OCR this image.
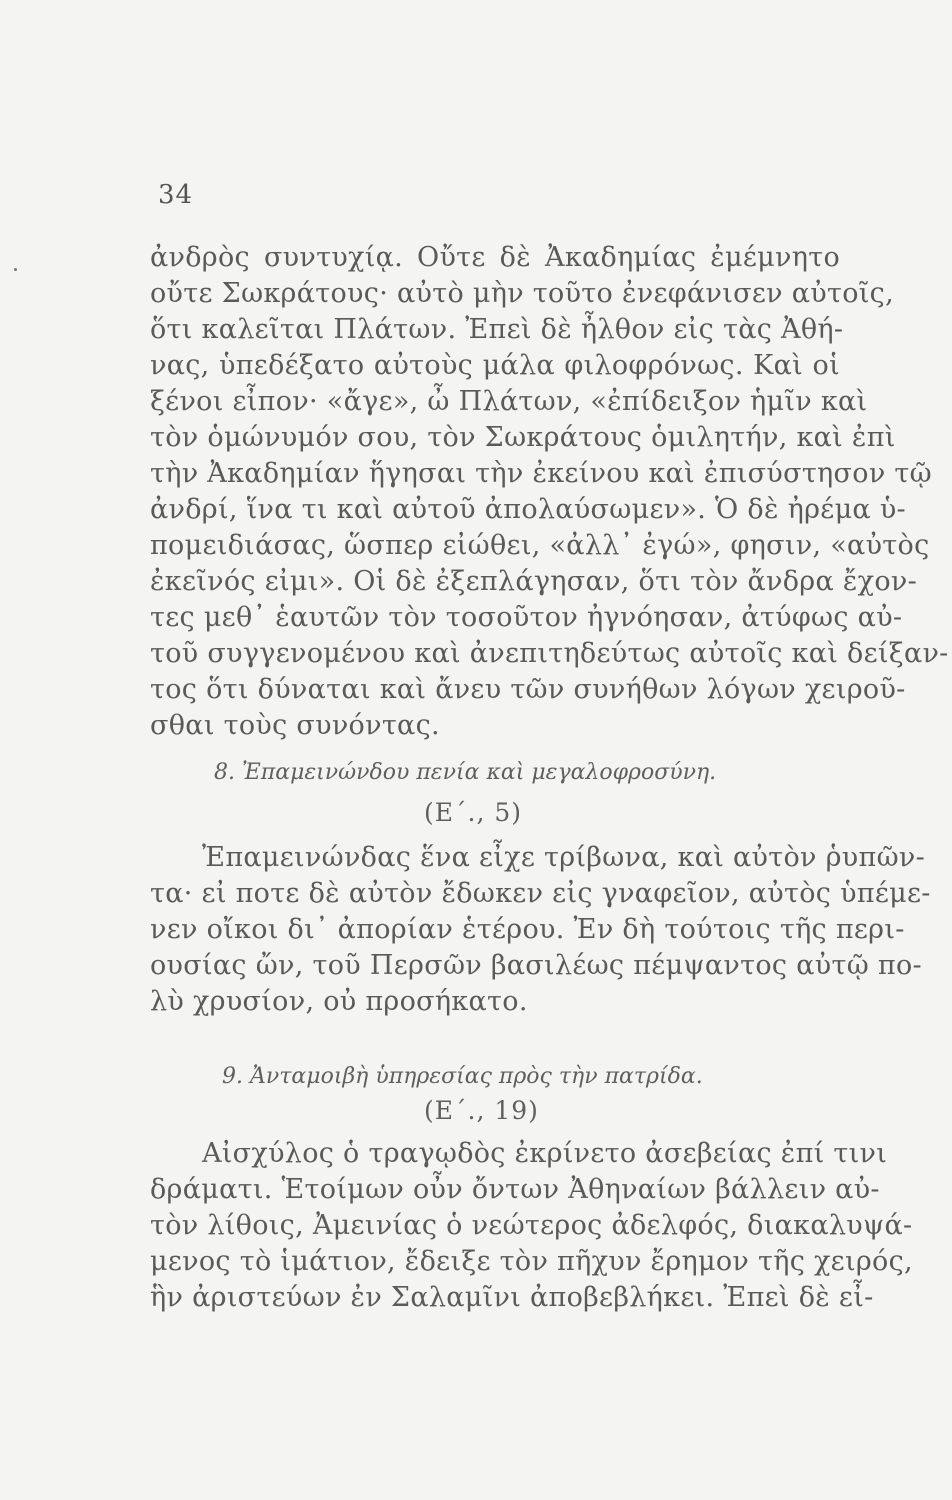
34
ἀνδρὸς συντυχίᾳ. Οὔτε δὲ Ἀκαδημίας ἐμέμνητο
οὔτε Σωκράτους· αὐτὸ μὴν τοῦτο ἐνεφάνισεν αὐτοῖς,
ὅτι καλεῖται Πλάτων. Ἐπεὶ δὲ ἦλθον εἰς τὰς Ἀθή-
νας, ὑπεδέξατο αὐτοὺς μάλα φιλοφρόνως. Καὶ οἱ
ξένοι εἶπον· «ἄγε», ὦ Πλάτων, «ἐπίδειξον ἡμῖν καὶ
τὸν ὁμώνυμόν σου, τὸν Σωκράτους ὁμιλητήν, καὶ ἐπὶ
τὴν Ἀκαδημίαν ἥγησαι τὴν ἐκείνου καὶ ἐπισύστησον τῷ
ἀνδρί, ἵνα τι καὶ αὐτοῦ ἀπολαύσωμεν». Ὁ δὲ ἠρέμα ὑ-
πομειδιάσας, ὥσπερ εἰώθει, «ἀλλ᾽ ἐγώ», φησιν, «αὐτὸς
ἐκεῖνός εἰμι». Οἱ δὲ ἐξεπλάγησαν, ὅτι τὸν ἄνδρα ἔχον-
τες μεθ᾽ ἑαυτῶν τὸν τοσοῦτον ἠγνόησαν, ἀτύφως αὐ-
τοῦ συγγενομένου καὶ ἀνεπιτηδεύτως αὐτοῖς καὶ δείξαν-
τος ὅτι δύναται καὶ ἄνευ τῶν συνήθων λόγων χειροῦ-
σθαι τοὺς συνόντας.
8. Ἐπαμεινώνδου πενία καὶ μεγαλοφροσύνη.
(Ε΄., 5)
Ἐπαμεινώνδας ἕνα εἶχε τρίβωνα, καὶ αὐτὸν ῥυπῶν-
τα· εἰ ποτε δὲ αὐτὸν ἔδωκεν εἰς γναφεῖον, αὐτὸς ὑπέμε-
νεν οἴκοι δι᾽ ἀπορίαν ἑτέρου. Ἐν δὴ τούτοις τῆς περι-
ουσίας ὤν, τοῦ Περσῶν βασιλέως πέμψαντος αὐτῷ πο-
λὺ χρυσίον, οὐ προσήκατο.
9. Ἀνταμοιβὴ ὑπηρεσίας πρὸς τὴν πατρίδα.
(Ε΄., 19)
Αἰσχύλος ὁ τραγῳδὸς ἐκρίνετο ἀσεβείας ἐπί τινι
δράματι. Ἑτοίμων οὖν ὄντων Ἀθηναίων βάλλειν αὐ-
τὸν λίθοις, Ἀμεινίας ὁ νεώτερος ἀδελφός, διακαλυψά-
μενος τὸ ἱμάτιον, ἔδειξε τὸν πῆχυν ἔρημον τῆς χειρός,
ἣν ἀριστεύων ἐν Σαλαμῖνι ἀποβεβλήκει. Ἐπεὶ δὲ εἶ-
